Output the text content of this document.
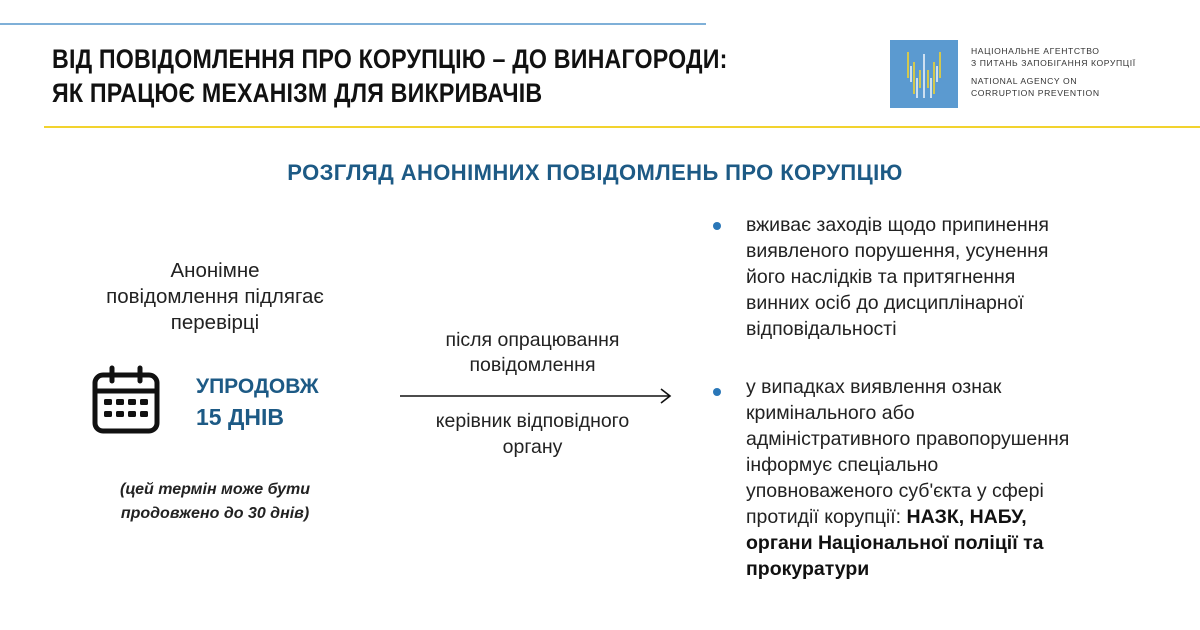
ВІД ПОВІДОМЛЕННЯ ПРО КОРУПЦІЮ – ДО ВИНАГОРОДИ:
ЯК ПРАЦЮЄ МЕХАНІЗМ ДЛЯ ВИКРИВАЧІВ
НАЦІОНАЛЬНЕ АГЕНТСТВО
З ПИТАНЬ ЗАПОБІГАННЯ КОРУПЦІЇ
NATIONAL AGENCY ON
CORRUPTION PREVENTION
РОЗГЛЯД АНОНІМНИХ ПОВІДОМЛЕНЬ ПРО КОРУПЦІЮ
Анонімне
повідомлення підлягає
перевірці
УПРОДОВЖ
15 ДНІВ
(цей термін може бути
продовжено до 30 днів)
після опрацювання
повідомлення
керівник відповідного
органу
вживає заходів щодо припинення
виявленого порушення, усунення
його наслідків та притягнення
винних осіб до дисциплінарної
відповідальності
у випадках виявлення ознак
кримінального або
адміністративного правопорушення
інформує спеціально
уповноваженого суб'єкта у сфері
протидії корупції: НАЗК, НАБУ,
органи Національної поліції та
прокуратури
